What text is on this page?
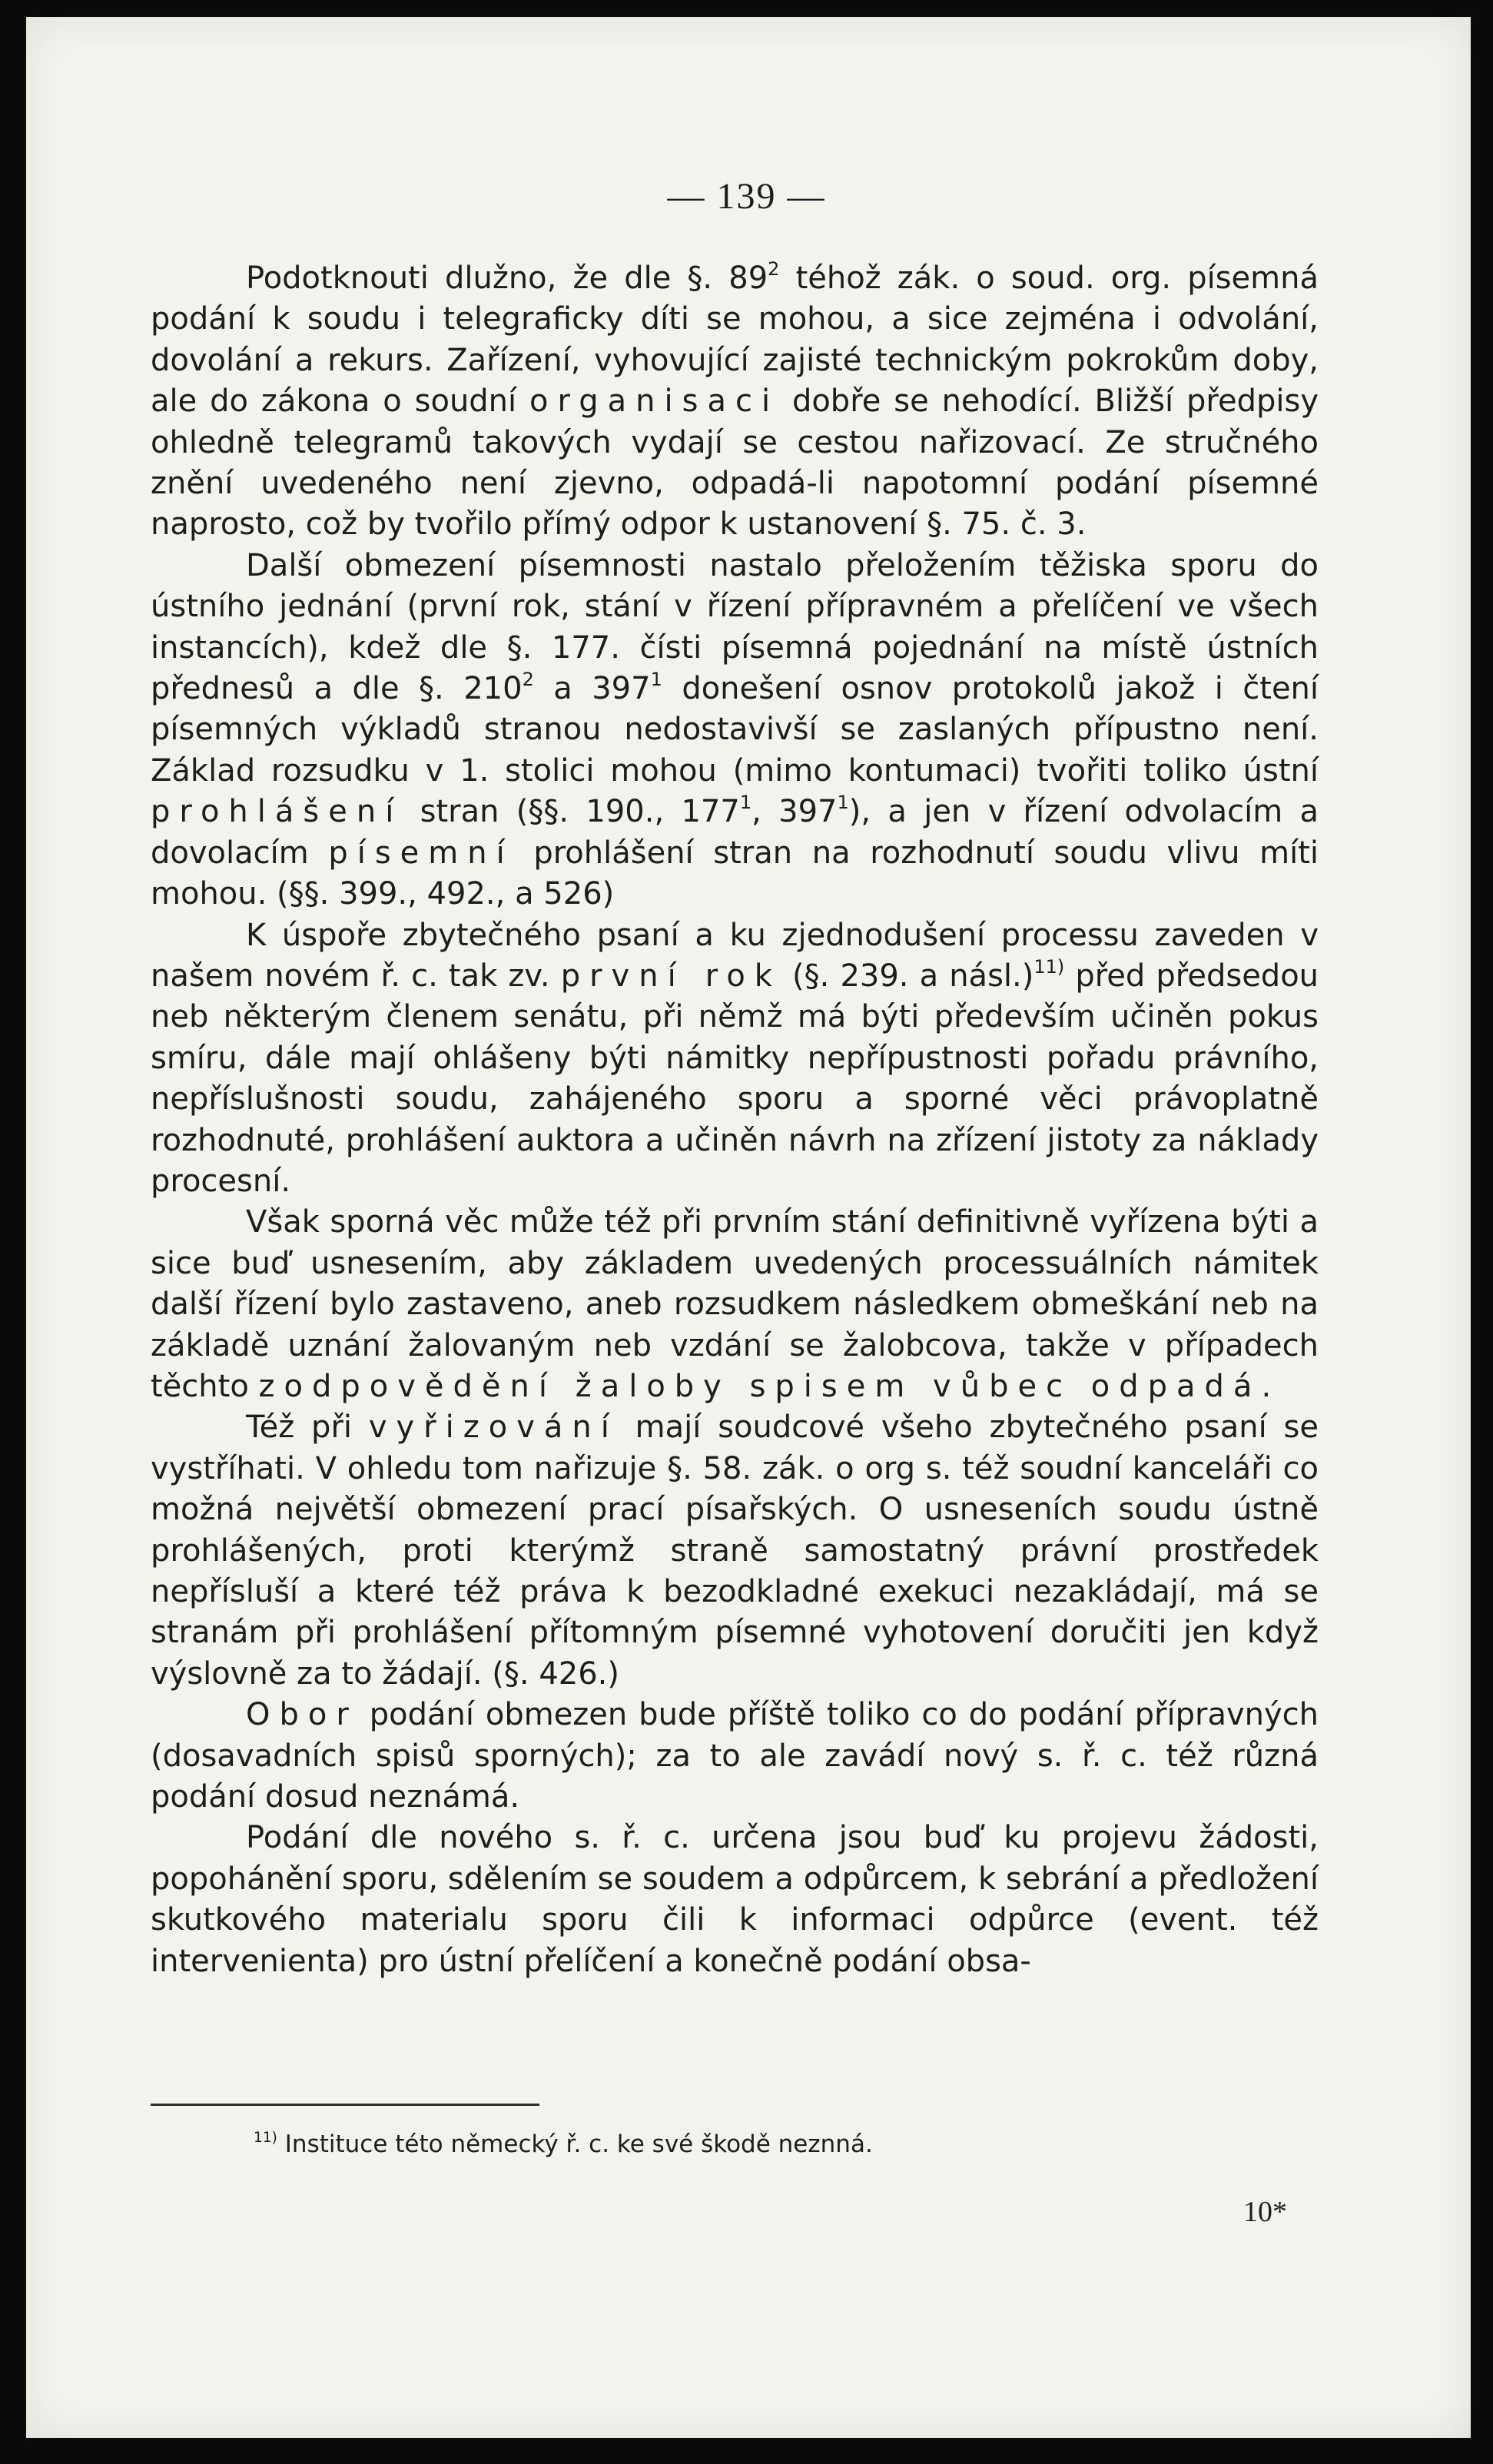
— 139 —

Podotknouti dlužno, že dle §. $89^2$ téhož zák. o soud. org. písemná podání k soudu i telegraficky díti se mohou, a sice zejména i odvolání, dovolání a rekurs. Zařízení, vyhovující zajisté technickým pokrokům doby, ale do zákona o soudní organisaci dobře se nehodící. Bližší předpisy ohledně telegramů takových vydají se cestou nařizovací. Ze stručného znění uvedeného není zjevno, odpadá-li napotomní podání písemné naprosto, což by tvořilo přímý odpor k ustanovení §. 75. č. 3.

Další obmezení písemnosti nastalo přeložením těžiska sporu do ústního jednání (první rok, stání v řízení přípravném a přelíčení ve všech instancích), kdež dle §. 177. čísti písemná pojednání na místě ústních přednesů a dle §. $210^2$ a $397^1$ donešení osnov protokolů jakož i čtení písemných výkladů stranou nedostavivší se zaslaných přípustno není. Základ rozsudku v 1. stolici mohou (mimo kontumaci) tvořiti toliko ústní prohlášení stran (§§. 190., $177^1$, $397^1$), a jen v řízení odvolacím a dovolacím písemní prohlášení stran na rozhodnutí soudu vlivu míti mohou. (§§. 399., 492., a 526)

K úspoře zbytečného psaní a ku zjednodušení processu zaveden v našem novém ř. c. tak zv. první rok (§. 239. a násl.)$^{11)}$ před předsedou neb některým členem senátu, při němž má býti především učiněn pokus smíru, dále mají ohlášeny býti námitky nepřípustnosti pořadu právního, nepříslušnosti soudu, zahájeného sporu a sporné věci právoplatně rozhodnuté, prohlášení auktora a učiněn návrh na zřízení jistoty za náklady procesní.

Však sporná věc může též při prvním stání definitivně vyřízena býti a sice buď usnesením, aby základem uvedených processuálních námitek další řízení bylo zastaveno, aneb rozsudkem následkem obmeškání neb na základě uznání žalovaným neb vzdání se žalobcova, takže v případech těchto zodpovědění žaloby spisem vůbec odpadá.

Též při vyřizování mají soudcové všeho zbytečného psaní se vystříhati. V ohledu tom nařizuje §. 58. zák. o org s. též soudní kanceláři co možná největší obmezení prací písařských. O usneseních soudu ústně prohlášených, proti kterýmž straně samostatný právní prostředek nepřísluší a které též práva k bezodkladné exekuci nezakládají, má se stranám při prohlášení přítomným písemné vyhotovení doručiti jen když výslovně za to žádají. (§. 426.)

Obor podání obmezen bude příště toliko co do podání přípravných (dosavadních spisů sporných); za to ale zavádí nový s. ř. c. též různá podání dosud neznámá.

Podání dle nového s. ř. c. určena jsou buď ku projevu žádosti, popohánění sporu, sdělením se soudem a odpůrcem, k sebrání a předložení skutkového materialu sporu čili k informaci odpůrce (event. též intervenienta) pro ústní přelíčení a konečně podání obsa-

$^{11)}$ Instituce této německý ř. c. ke své škodě neznná.
10*
